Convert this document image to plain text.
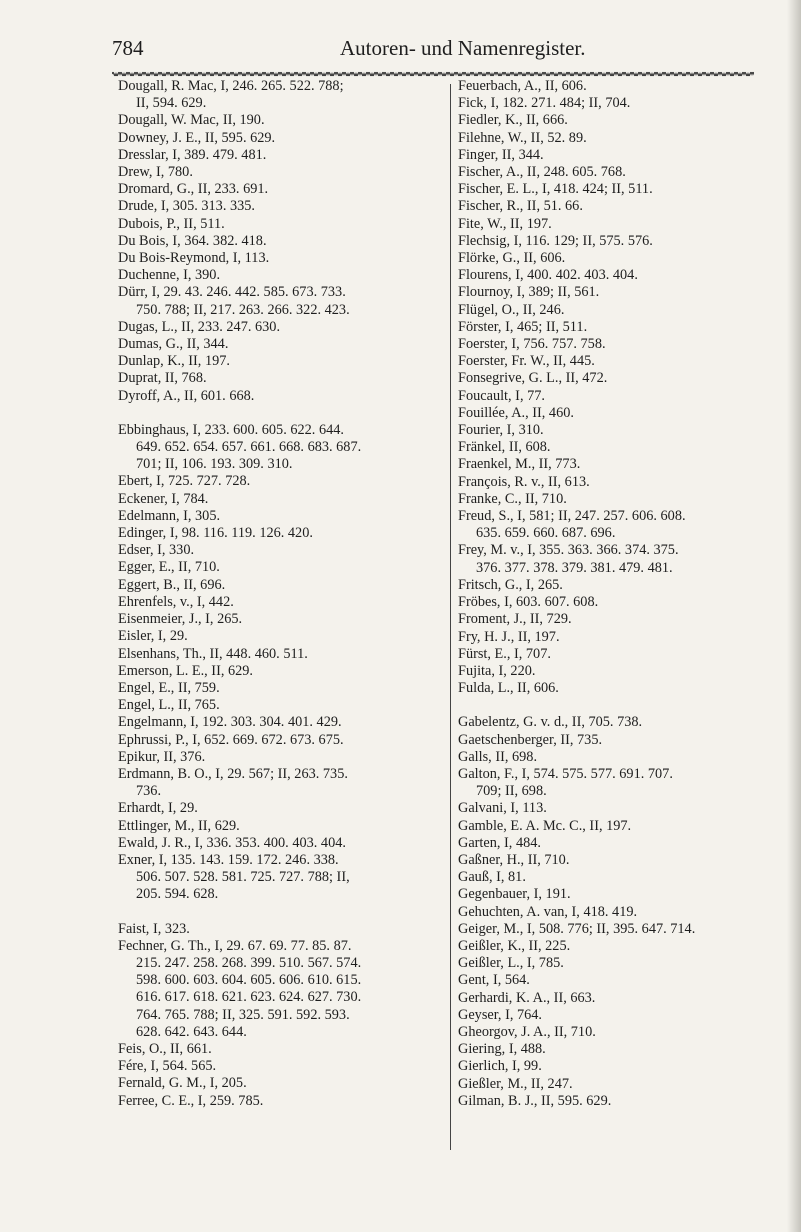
784	Autoren- und Namenregister.

Dougall, R. Mac, I, 246. 265. 522. 788;
II, 594. 629.

Dougall, W. Mac, II, 190.

Downey, J. E., II, 595. 629.

Dresslar, I, 389. 479. 481.

Drew, I, 780.

Dromard, G., II, 233. 691.

Drude, I, 305. 313. 335.

Dubois, P., II, 511.

Du Bois, I, 364. 382. 418.

Du Bois-Reymond, I, 113.

Duchenne, I, 390.

Dürr, I, 29. 43. 246. 442. 585. 673. 733.
750. 788; II, 217. 263. 266. 322. 423.

Dugas, L., II, 233. 247. 630.

Dumas, G., II, 344.

Dunlap, K., II, 197.

Duprat, II, 768.

Dyroff, A., II, 601. 668.

Ebbinghaus, I, 233. 600. 605. 622. 644.
649. 652. 654. 657. 661. 668. 683. 687.
701; II, 106. 193. 309. 310.

Ebert, I, 725. 727. 728.

Eckener, I, 784.

Edelmann, I, 305.

Edinger, I, 98. 116. 119. 126. 420.

Edser, I, 330.

Egger, E., II, 710.

Eggert, B., II, 696.

Ehrenfels, v., I, 442.

Eisenmeier, J., I, 265.

Eisler, I, 29.

Elsenhans, Th., II, 448. 460. 511.

Emerson, L. E., II, 629.

Engel, E., II, 759.

Engel, L., II, 765.

Engelmann, I, 192. 303. 304. 401. 429.

Ephrussi, P., I, 652. 669. 672. 673. 675.

Epikur, II, 376.

Erdmann, B. O., I, 29. 567; II, 263. 735.
736.

Erhardt, I, 29.

Ettlinger, M., II, 629.

Ewald, J. R., I, 336. 353. 400. 403. 404.

Exner, I, 135. 143. 159. 172. 246. 338.
506. 507. 528. 581. 725. 727. 788; II,
205. 594. 628.

Faist, I, 323.

Fechner, G. Th., I, 29. 67. 69. 77. 85. 87.
215. 247. 258. 268. 399. 510. 567. 574.
598. 600. 603. 604. 605. 606. 610. 615.
616. 617. 618. 621. 623. 624. 627. 730.
764. 765. 788; II, 325. 591. 592. 593.
628. 642. 643. 644.

Feis, O., II, 661.

Fére, I, 564. 565.

Fernald, G. M., I, 205.

Ferree, C. E., I, 259. 785.

Feuerbach, A., II, 606.

Fick, I, 182. 271. 484; II, 704.

Fiedler, K., II, 666.

Filehne, W., II, 52. 89.

Finger, II, 344.

Fischer, A., II, 248. 605. 768.

Fischer, E. L., I, 418. 424; II, 511.

Fischer, R., II, 51. 66.

Fite, W., II, 197.

Flechsig, I, 116. 129; II, 575. 576.

Flörke, G., II, 606.

Flourens, I, 400. 402. 403. 404.

Flournoy, I, 389; II, 561.

Flügel, O., II, 246.

Förster, I, 465; II, 511.

Foerster, I, 756. 757. 758.

Foerster, Fr. W., II, 445.

Fonsegrive, G. L., II, 472.

Foucault, I, 77.

Fouillée, A., II, 460.

Fourier, I, 310.

Fränkel, II, 608.

Fraenkel, M., II, 773.

François, R. v., II, 613.

Franke, C., II, 710.

Freud, S., I, 581; II, 247. 257. 606. 608.
635. 659. 660. 687. 696.

Frey, M. v., I, 355. 363. 366. 374. 375.
376. 377. 378. 379. 381. 479. 481.

Fritsch, G., I, 265.

Fröbes, I, 603. 607. 608.

Froment, J., II, 729.

Fry, H. J., II, 197.

Fürst, E., I, 707.

Fujita, I, 220.

Fulda, L., II, 606.

Gabelentz, G. v. d., II, 705. 738.

Gaetschenberger, II, 735.

Galls, II, 698.

Galton, F., I, 574. 575. 577. 691. 707.
709; II, 698.

Galvani, I, 113.

Gamble, E. A. Mc. C., II, 197.

Garten, I, 484.

Gaßner, H., II, 710.

Gauß, I, 81.

Gegenbauer, I, 191.

Gehuchten, A. van, I, 418. 419.

Geiger, M., I, 508. 776; II, 395. 647. 714.

Geißler, K., II, 225.

Geißler, L., I, 785.

Gent, I, 564.

Gerhardi, K. A., II, 663.

Geyser, I, 764.

Gheorgov, J. A., II, 710.

Giering, I, 488.

Gierlich, I, 99.

Gießler, M., II, 247.

Gilman, B. J., II, 595. 629.
